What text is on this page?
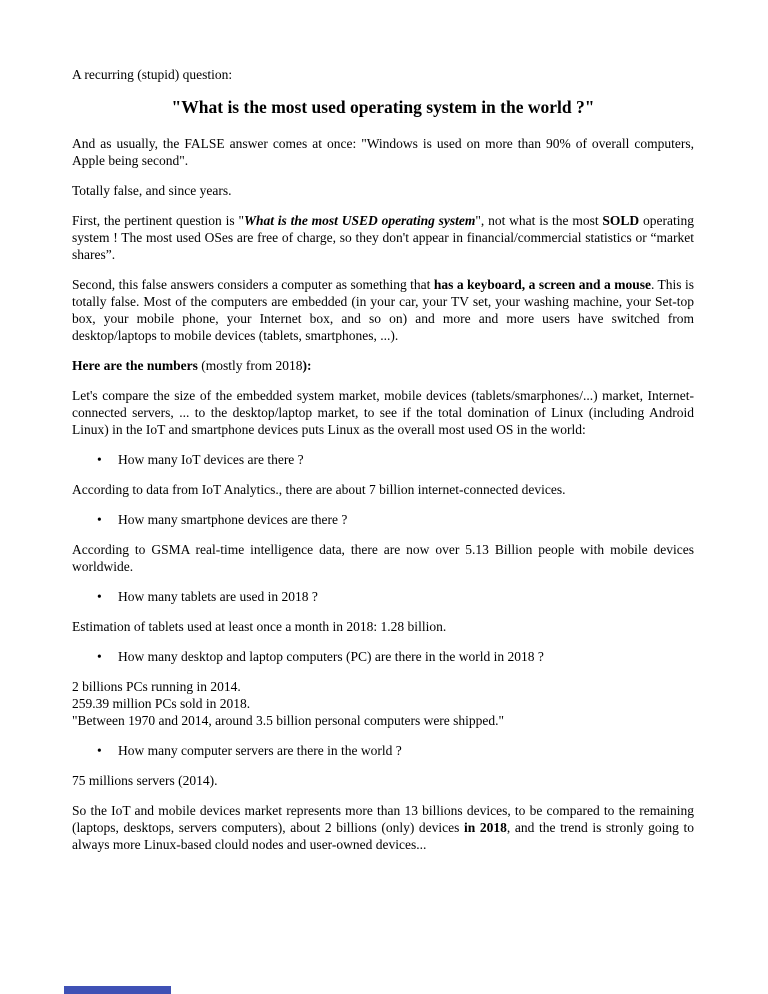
A recurring (stupid) question:
"What is the most used operating system in the world ?"
And as usually, the FALSE answer comes at once: "Windows is used on more than 90% of overall computers, Apple being second".
Totally false, and since years.
First, the pertinent question is "What is the most USED operating system", not what is the most SOLD operating system ! The most used OSes are free of charge, so they don't appear in financial/commercial statistics or “market shares”.
Second, this false answers considers a computer as something that has a keyboard, a screen and a mouse. This is totally false. Most of the computers are embedded (in your car, your TV set, your washing machine, your Set-top box, your mobile phone, your Internet box, and so on) and more and more users have switched from desktop/laptops to mobile devices (tablets, smartphones, ...).
Here are the numbers (mostly from 2018):
Let's compare the size of the embedded system market, mobile devices (tablets/smarphones/...) market, Internet-connected servers, ... to the desktop/laptop market, to see if the total domination of Linux (including Android Linux) in the IoT and smartphone devices puts Linux as the overall most used OS in the world:
•	How many IoT devices are there ?
According to data from IoT Analytics., there are about 7 billion internet-connected devices.
•	How many smartphone devices are there ?
According to GSMA real-time intelligence data, there are now over 5.13 Billion people with mobile devices worldwide.
•	How many tablets are used in 2018 ?
Estimation of tablets used at least once a month in 2018: 1.28 billion.
•	How many desktop and laptop computers (PC) are there in the world in 2018 ?
2 billions PCs running in 2014.
259.39 million PCs sold in 2018.
"Between 1970 and 2014, around 3.5 billion personal computers were shipped."
•	How many computer servers are there in the world ?
75 millions servers (2014).
So the IoT and mobile devices market represents more than 13 billions devices, to be compared to the remaining (laptops, desktops, servers computers), about 2 billions (only) devices in 2018, and the trend is stronly going to always more Linux-based clould nodes and user-owned devices...
